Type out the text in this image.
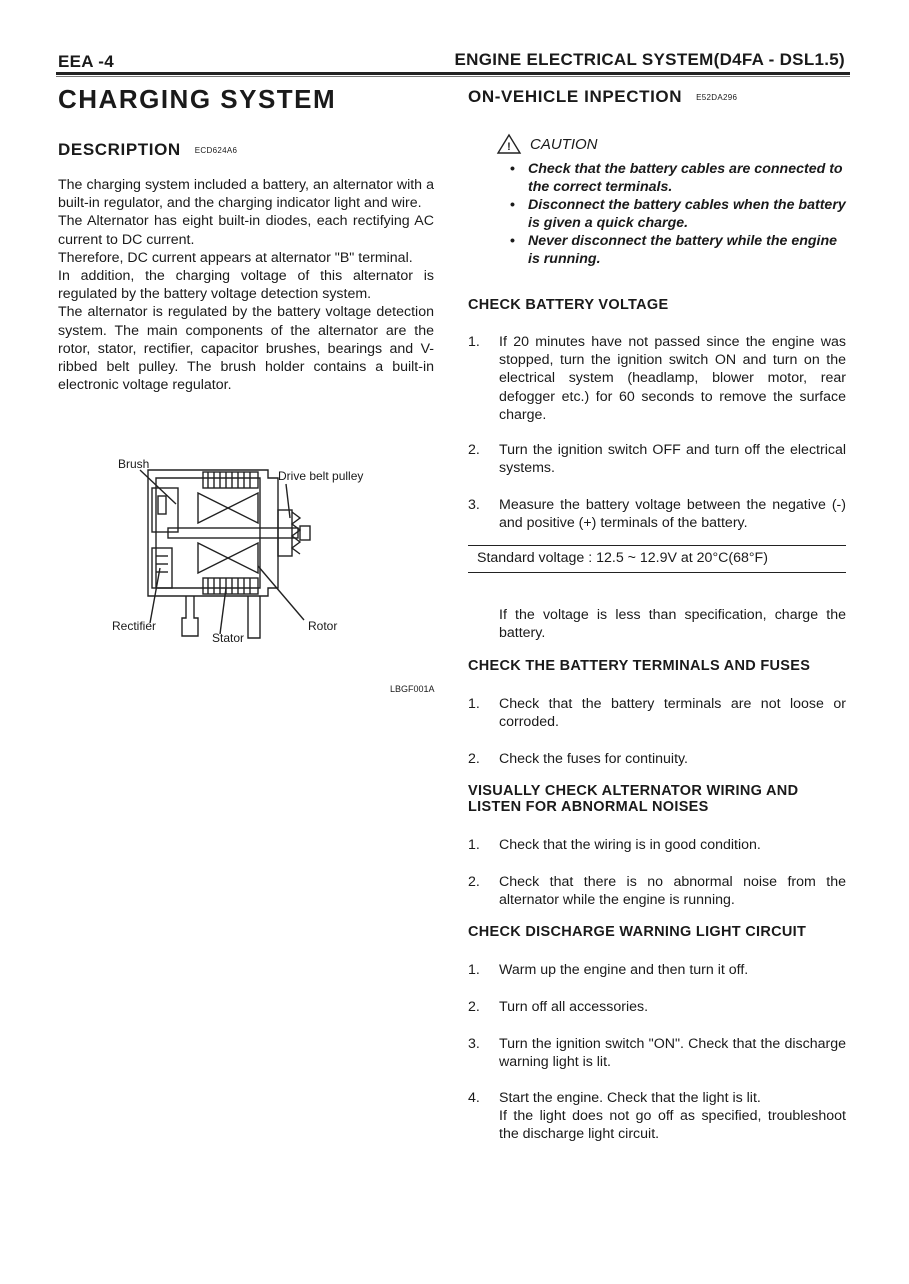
EEA -4	ENGINE ELECTRICAL SYSTEM(D4FA - DSL1.5)
CHARGING SYSTEM
DESCRIPTION ECD624A6

The charging system included a battery, an alternator with a built-in regulator, and the charging indicator light and wire.

The Alternator has eight built-in diodes, each rectifying AC current to DC current.

Therefore, DC current appears at alternator "B" terminal.

In addition, the charging voltage of this alternator is regulated by the battery voltage detection system.

The alternator is regulated by the battery voltage detection system. The main components of the alternator are the rotor, stator, rectifier, capacitor brushes, bearings and V-ribbed belt pulley. The brush holder contains a built-in electronic voltage regulator.

Brush
Drive belt pulley
Rectifier
Stator
Rotor
LBGF001A
ON-VEHICLE INPECTION E52DA296
! CAUTION
• Check that the battery cables are connected to the correct terminals.
• Disconnect the battery cables when the battery is given a quick charge.
• Never disconnect the battery while the engine is running.
CHECK BATTERY VOLTAGE
1. If 20 minutes have not passed since the engine was stopped, turn the ignition switch ON and turn on the electrical system (headlamp, blower motor, rear defogger etc.) for 60 seconds to remove the surface charge.
2. Turn the ignition switch OFF and turn off the electrical systems.
3. Measure the battery voltage between the negative (-) and positive (+) terminals of the battery.
Standard voltage : 12.5 ~ 12.9V at 20°C(68°F)
If the voltage is less than specification, charge the battery.
CHECK THE BATTERY TERMINALS AND FUSES
1. Check that the battery terminals are not loose or corroded.
2. Check the fuses for continuity.
VISUALLY CHECK ALTERNATOR WIRING AND
LISTEN FOR ABNORMAL NOISES
1. Check that the wiring is in good condition.
2. Check that there is no abnormal noise from the alternator while the engine is running.
CHECK DISCHARGE WARNING LIGHT CIRCUIT
1. Warm up the engine and then turn it off.
2. Turn off all accessories.
3. Turn the ignition switch "ON". Check that the discharge warning light is lit.
4. Start the engine. Check that the light is lit.
If the light does not go off as specified, troubleshoot the discharge light circuit.
